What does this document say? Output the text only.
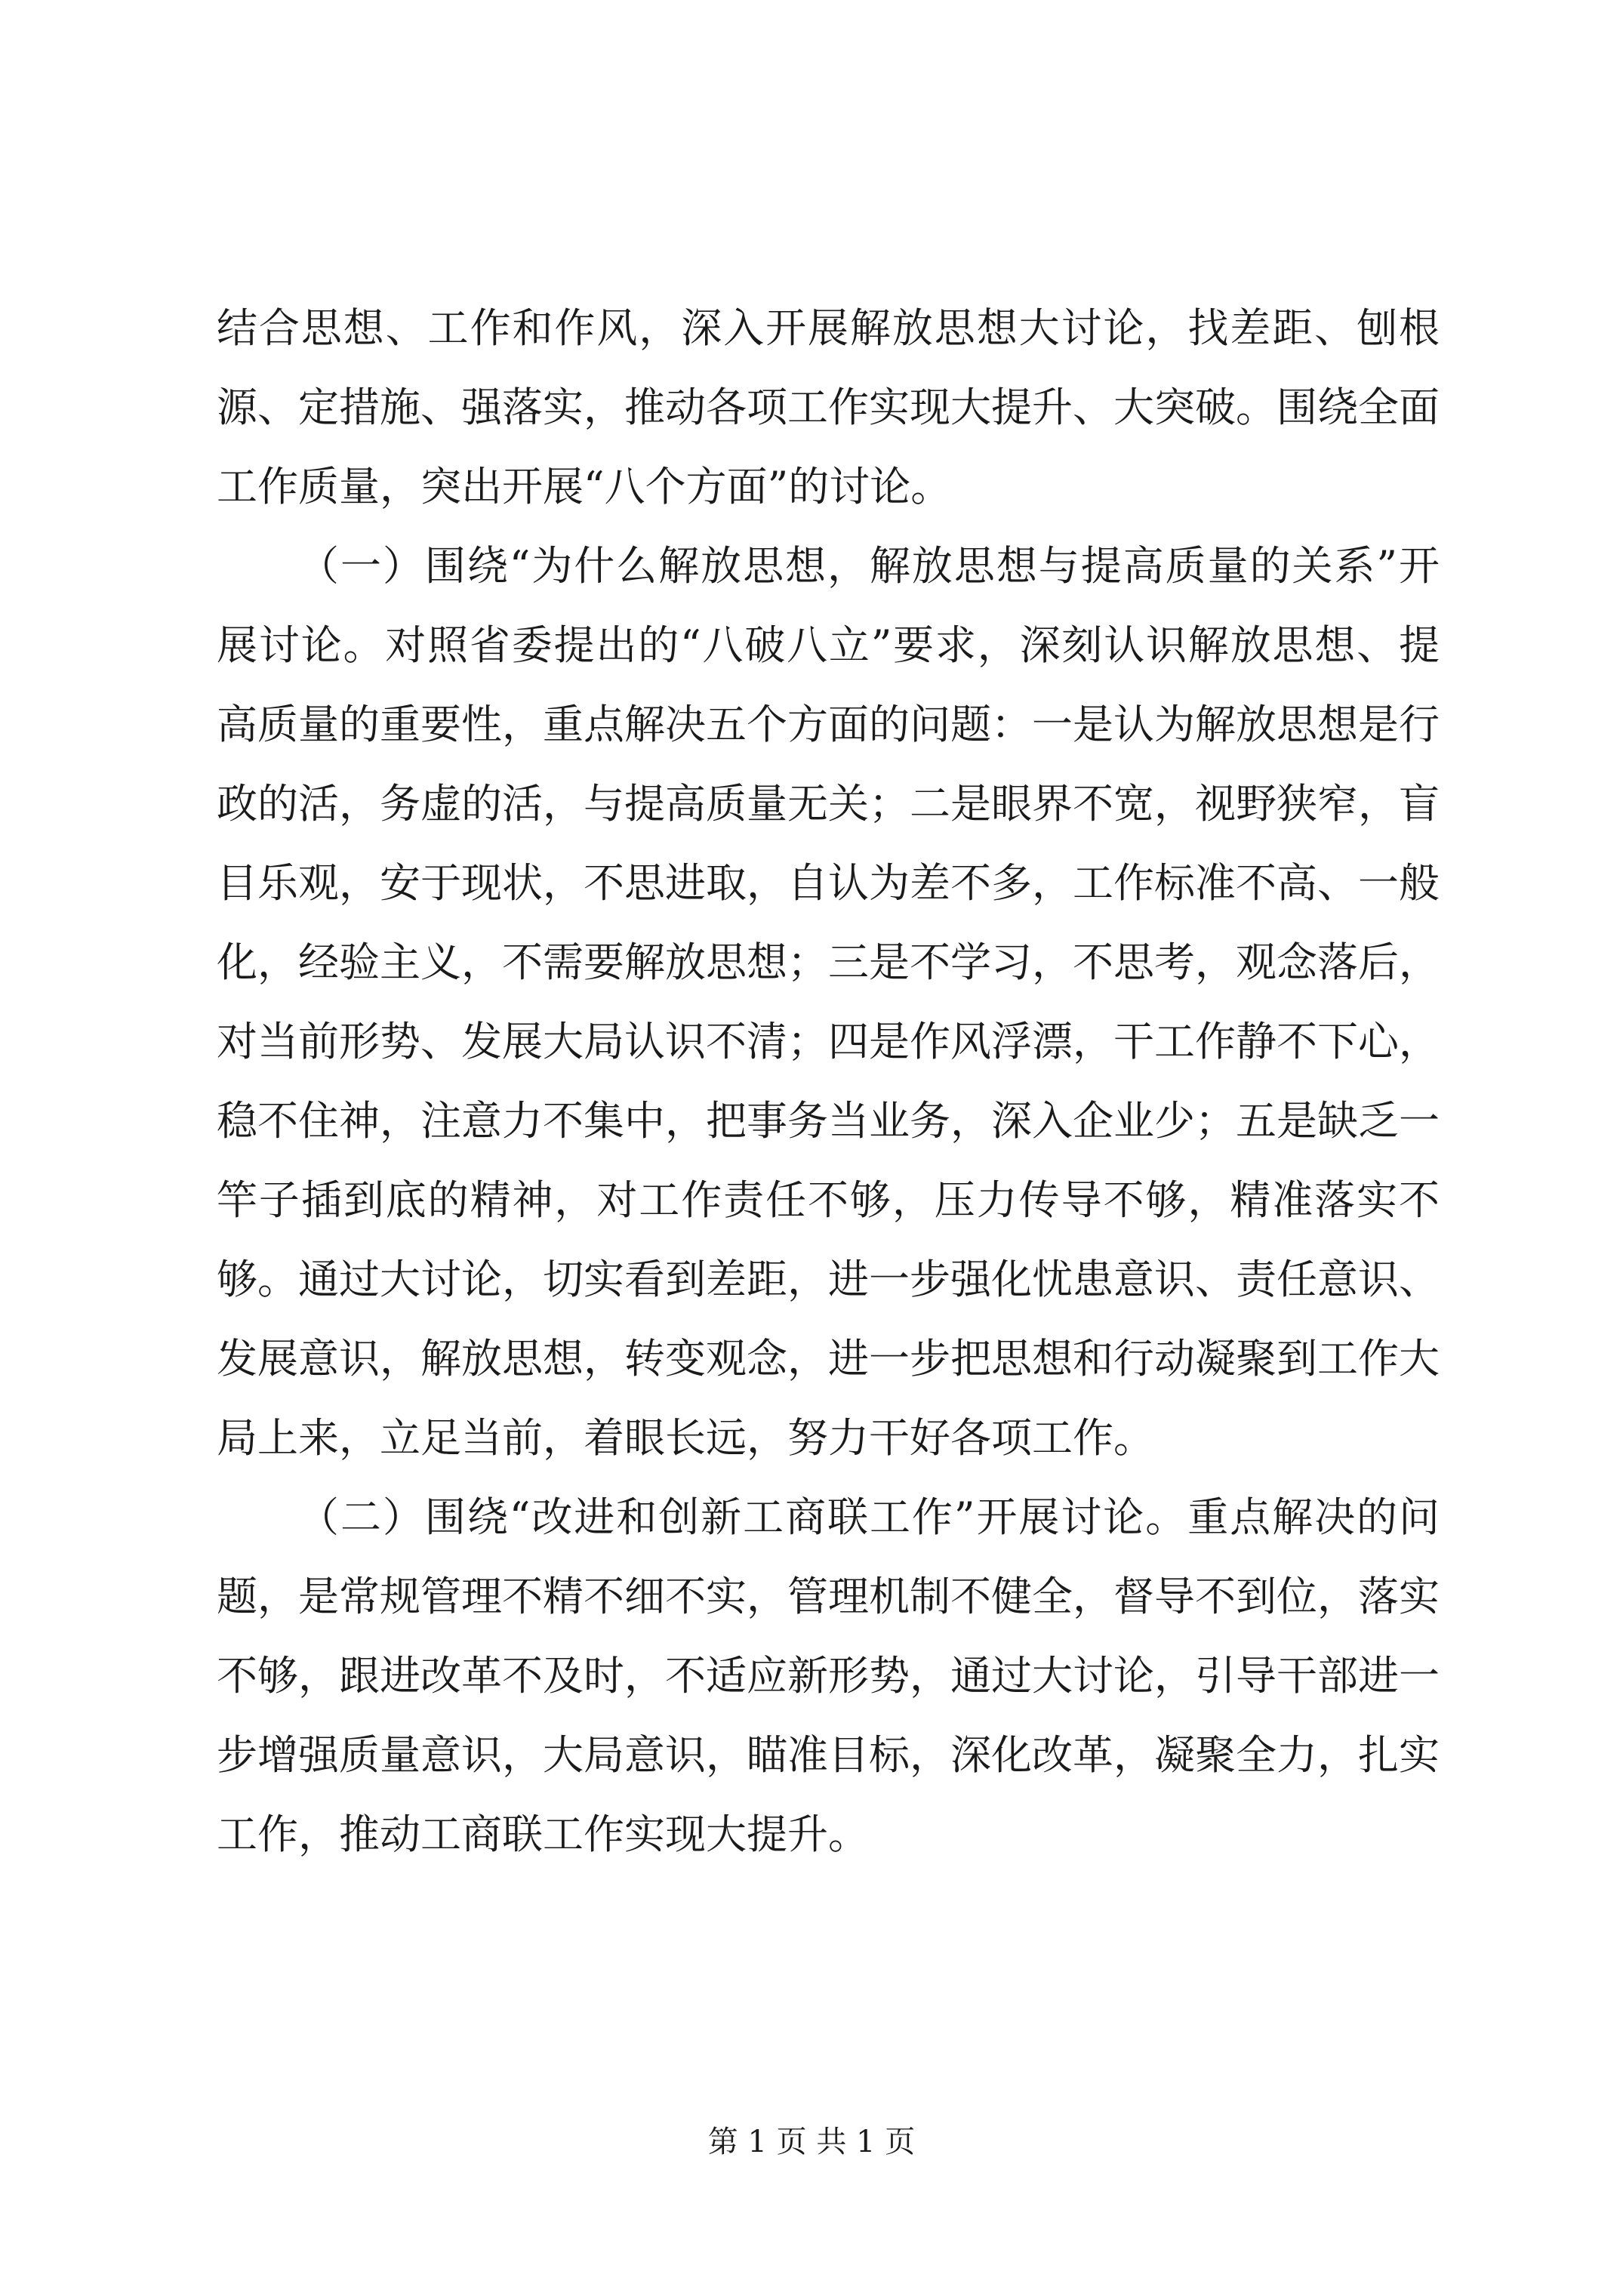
结合思想、工作和作风，深入开展解放思想大讨论，找差距、刨根源、定措施、强落实，推动各项工作实现大提升、大突破。围绕全面工作质量，突出开展“八个方面”的讨论。

（一）围绕“为什么解放思想，解放思想与提高质量的关系”开展讨论。对照省委提出的“八破八立”要求，深刻认识解放思想、提高质量的重要性，重点解决五个方面的问题：一是认为解放思想是行政的活，务虚的活，与提高质量无关；二是眼界不宽，视野狭窄，盲目乐观，安于现状，不思进取，自认为差不多，工作标准不高、一般化，经验主义，不需要解放思想；三是不学习，不思考，观念落后，对当前形势、发展大局认识不清；四是作风浮漂，干工作静不下心，稳不住神，注意力不集中，把事务当业务，深入企业少；五是缺乏一竿子插到底的精神，对工作责任不够，压力传导不够，精准落实不够。通过大讨论，切实看到差距，进一步强化忧患意识、责任意识、发展意识，解放思想，转变观念，进一步把思想和行动凝聚到工作大局上来，立足当前，着眼长远，努力干好各项工作。

（二）围绕“改进和创新工商联工作”开展讨论。重点解决的问题，是常规管理不精不细不实，管理机制不健全，督导不到位，落实不够，跟进改革不及时，不适应新形势，通过大讨论，引导干部进一步增强质量意识，大局意识，瞄准目标，深化改革，凝聚全力，扎实工作，推动工商联工作实现大提升。

第 1 页 共 1 页
